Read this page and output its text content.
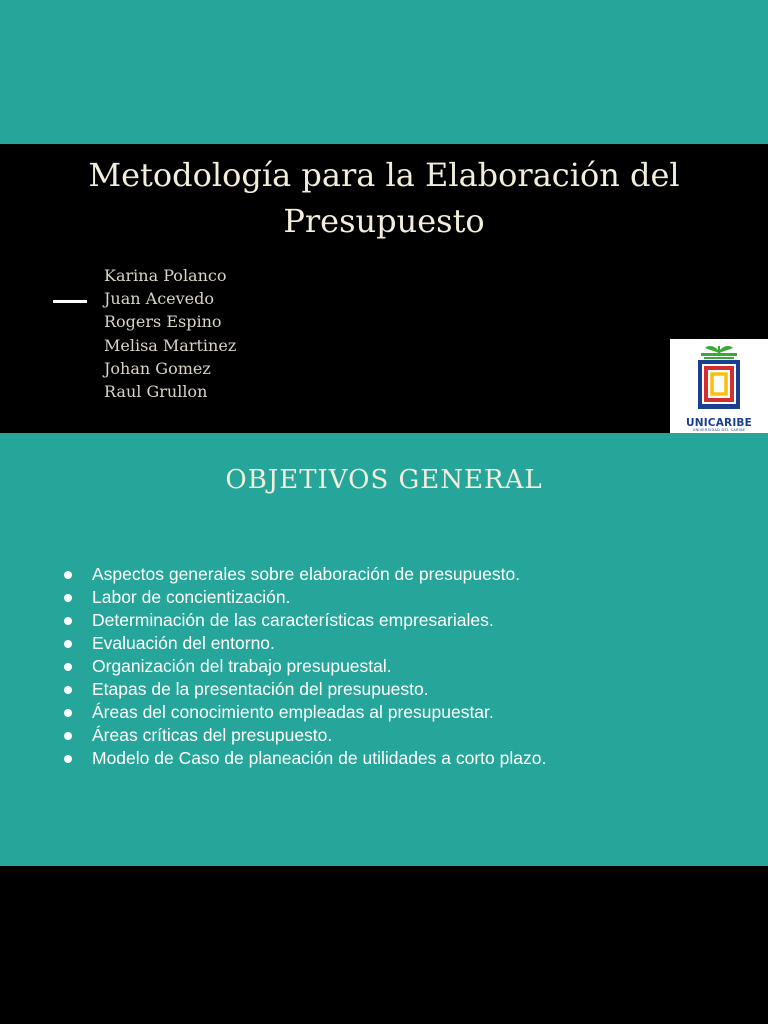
Metodología para la Elaboración del
Presupuesto
Karina Polanco
Juan Acevedo
Rogers Espino
Melisa Martinez
Johan Gomez
Raul Grullon
UNICARIBE
UNIVERSIDAD DEL CARIBE
OBJETIVOS GENERAL
Aspectos generales sobre elaboración de presupuesto.
Labor de concientización.
Determinación de las características empresariales.
Evaluación del entorno.
Organización del trabajo presupuestal.
Etapas de la presentación del presupuesto.
Áreas del conocimiento empleadas al presupuestar.
Áreas críticas del presupuesto.
Modelo de Caso de planeación de utilidades a corto plazo.
